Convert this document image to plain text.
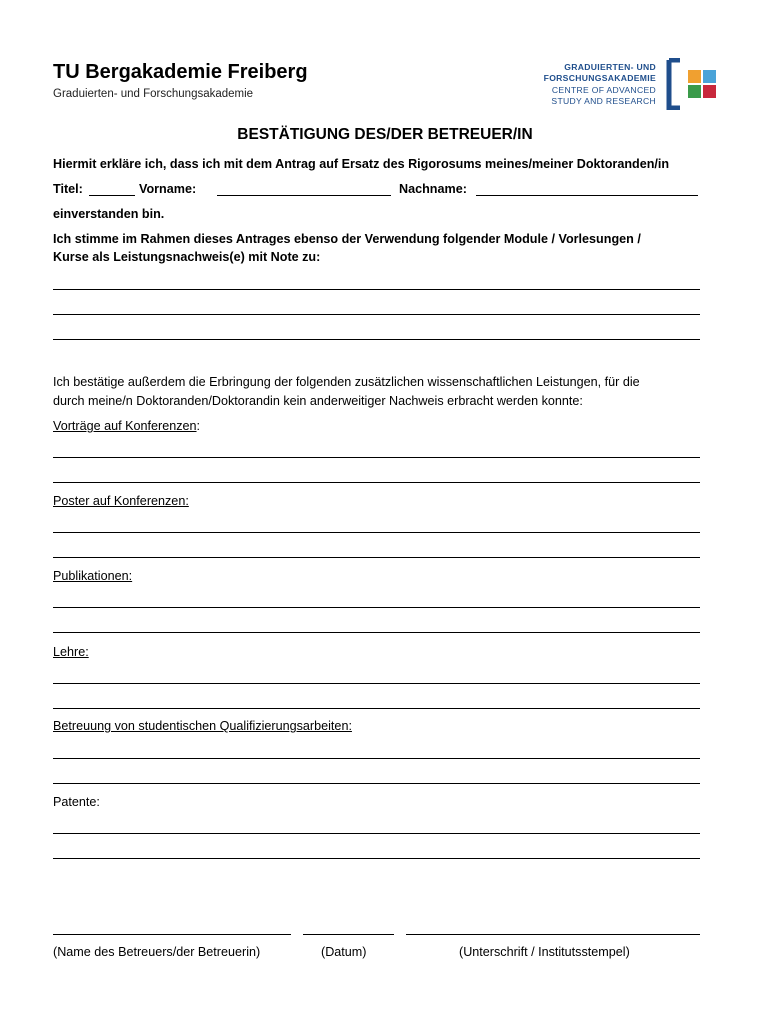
TU Bergakademie Freiberg
Graduierten- und Forschungsakademie
GRADUIERTEN- UND
FORSCHUNGSAKADEMIE
CENTRE OF ADVANCED
STUDY AND RESEARCH
BESTÄTIGUNG DES/DER BETREUER/IN
Hiermit erkläre ich, dass ich mit dem Antrag auf Ersatz des Rigorosums meines/meiner Doktoranden/in
Titel:	Vorname:	Nachname:
einverstanden bin.
Ich stimme im Rahmen dieses Antrages ebenso der Verwendung folgender Module / Vorlesungen /
Kurse als Leistungsnachweis(e) mit Note zu:
Ich bestätige außerdem die Erbringung der folgenden zusätzlichen wissenschaftlichen Leistungen, für die
durch meine/n Doktoranden/Doktorandin kein anderweitiger Nachweis erbracht werden konnte:
Vorträge auf Konferenzen:
Poster auf Konferenzen:
Publikationen:
Lehre:
Betreuung von studentischen Qualifizierungsarbeiten:
Patente:
(Name des Betreuers/der Betreuerin)	(Datum)	(Unterschrift / Institutsstempel)
